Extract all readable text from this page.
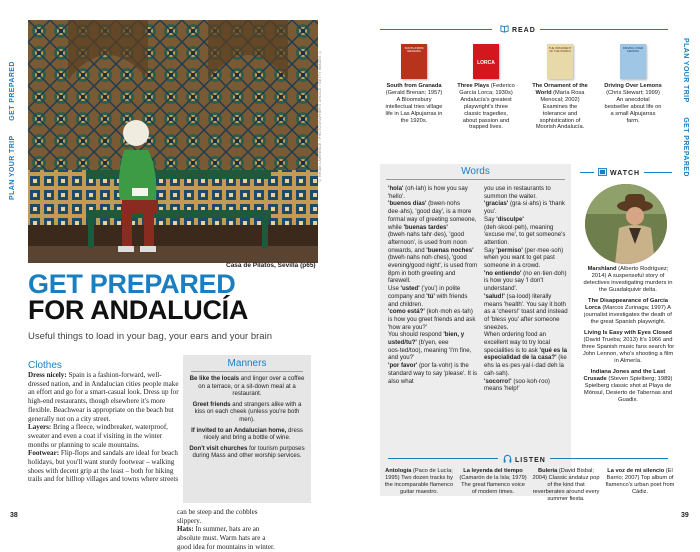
PLAN YOUR TRIP  GET PREPARED	PLAN YOUR TRIP  GET PREPARED
© BRIAN LAWRENCE / PHOTOGRAPHER'S CHOICE / GETTY IMAGES ©
Casa de Pilatos, Sevilla (p65)
GET PREPARED
FOR ANDALUCÍA
Useful things to load in your bag, your ears and your brain
Clothes
Dress nicely: Spain is a fashion-forward, well-dressed nation, and in Andalucian cities people make an effort and go for a smart-casual look. Dress up for high-end restaurants, though elsewhere it's more flexible. Beachwear is appropriate on the beach but generally not on a city street.
Layers: Bring a fleece, windbreaker, waterproof, sweater and even a coat if visiting in the winter months or planning to scale mountains.
Footwear: Flip-flops and sandals are ideal for beach holidays, but you'll want sturdy footwear – walking shoes with decent grip at the least – both for hiking trails and for hilltop villages and towns where streets
can be steep and the cobbles slippery.
Hats: In summer, hats are an absolute must. Warm hats are a good idea for mountains in winter.
Manners
Be like the locals and linger over a coffee on a terrace, or a sit-down meal at a restaurant.
Greet friends and strangers alike with a kiss on each cheek (unless you're both men).
If invited to an Andalucian home, dress nicely and bring a bottle of wine.
Don't visit churches for tourism purposes during Mass and other worship services.
38	39
READ
SOUTH FROM GRANADA
South from Granada (Gerald Brenan; 1957) A Bloomsbury intellectual tries village life in Las Alpujarras in the 1920s.
LORCA
Three Plays (Federico García Lorca; 1930s) Andalucía's greatest playwright's three classic tragedies, about passion and trapped lives.
THE ORNAMENT OF THE WORLD
The Ornament of the World (María Rosa Menocal; 2002) Examines the tolerance and sophistication of Moorish Andalucía.
DRIVING OVER LEMONS
Driving Over Lemons (Chris Stewart; 1999) An anecdotal bestseller about life on a small Alpujarras farm.
Words
'hola' (oh·lah) is how you say 'hello'.
'buenos días' (bwen·nohs dee·ahs), 'good day', is a more formal way of greeting someone, while 'buenas tardes' (bweh·nahs tahr·des), 'good afternoon', is used from noon onwards, and 'buenas noches' (bweh·nahs noh·ches), 'good evening/good night', is used from 8pm in both greeting and farewell.
Use 'usted' ('you') in polite company and 'tú' with friends and children.
'como está?' (koh·moh es·tah) is how you greet friends and ask 'how are you?'
You should respond 'bien, y usted/tu?' (b'yen, eee oos·ted/too), meaning 'I'm fine, and you?'
'por favor' (por fa·vohr) is the standard way to say 'please'. It is also what
you use in restaurants to summon the waiter.
'gracias' (gra·si·ahs) is 'thank you'.
Say 'disculpe' (deh·skool·peh), meaning 'excuse me', to get someone's attention.
Say 'permiso' (per·mee·soh) when you want to get past someone in a crowd.
'no entiendo' (no en·tien·doh) is how you say 'I don't understand'.
'salud!' (sa·lood) literally means 'health'. You say it both as a 'cheers!' toast and instead of 'bless you' after someone sneezes.
When ordering food an excellent way to try local specialities is to ask 'qué es la especialidad de la casa?' (ke ehs la es·pes·yal·i·dad deh la cah·sah).
'socorro!' (soo·koh·roo) means 'help!'
WATCH

Marshland (Alberto Rodríguez; 2014) A suspenseful story of detectives investigating murders in the Guadalquivir delta.

The Disappearance of García Lorca (Marcos Zurinaga; 1997) A journalist investigates the death of the great Spanish playwright.

Living Is Easy with Eyes Closed (David Trueba; 2013) It's 1966 and three Spanish music fans search for John Lennon, who's shooting a film in Almería.

Indiana Jones and the Last Crusade (Steven Spielberg; 1989) Spielberg classic shot at Playa de Mónsul, Desierto de Tabernas and Guadix.

LISTEN
Antología (Paco de Lucía; 1995) Two dozen tracks by the incomparable flamenco guitar maestro.
La leyenda del tiempo (Camarón de la Isla; 1979) The great flamenco voice of modern times.
Bulería (David Bisbal; 2004) Classic andaluz pop of the kind that reverberates around every summer fiesta.
La voz de mi silencio (El Barrio; 2007) Top album of flamenco's urban poet from Cádiz.
